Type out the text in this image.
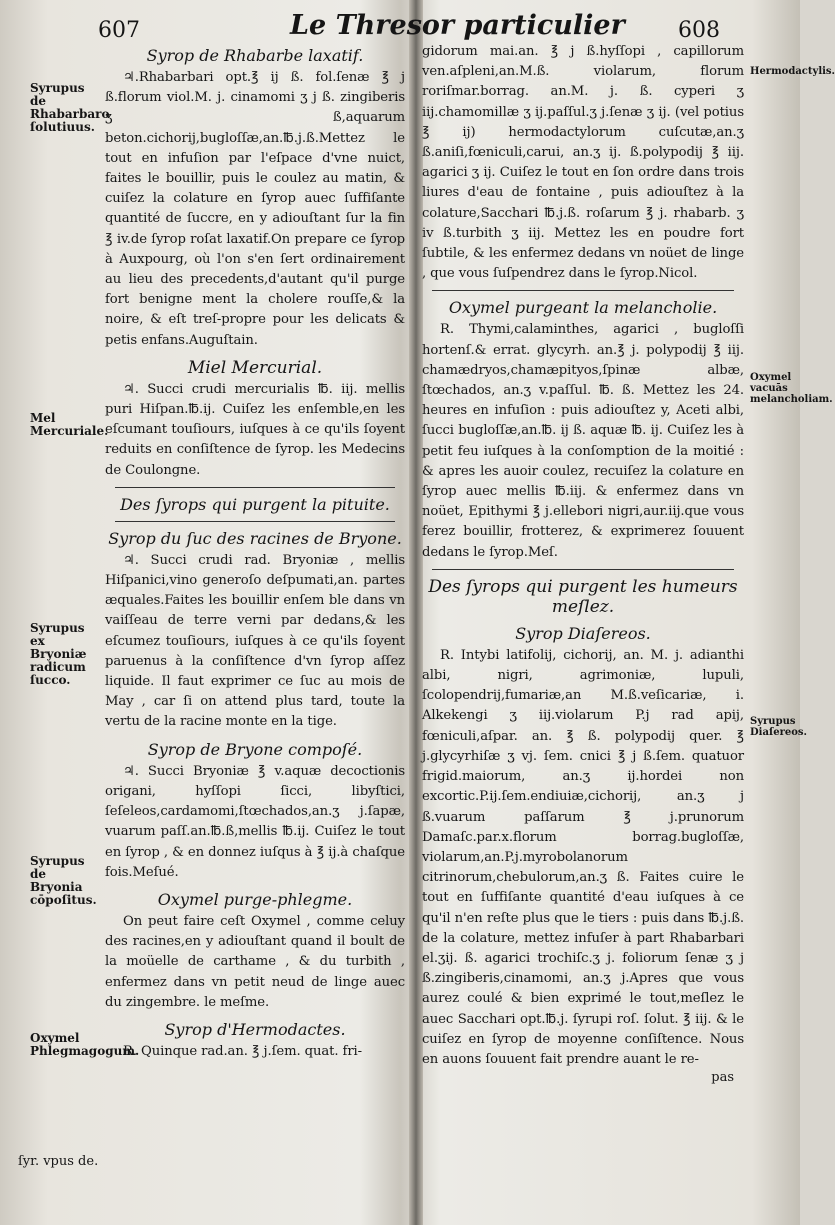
607	Le Thresor particulier 608
Syrupus de Rhabarbaro ſolutiuus.
Mel Mercuriale.
Syrupus ex Bryoniæ radicum ſucco.
Syrupus de Bryonia cōpoſitus.
Oxymel Phlegmagogum.
ſyr. vpus de.
Syrop de Rhabarbe laxatif.

♃.Rhabarbari opt.℥ ij ß. fol.ſenæ ℥ j ß.florum viol.M. j. cinamomi ʒ j ß. zingiberis ʒ ß,aquarum beton.cichorij,bugloſſæ,an.℔.j.ß.Mettez le tout en infuſion par l'eſpace d'vne nuict, faites le bouillir, puis le coulez au matin, & cuiſez la colature en ſyrop auec ſuffiſante quantité de ſuccre, en y adiouſtant ſur la fin ℥ iv.de ſyrop roſat laxatif.On prepare ce ſyrop à Auxpourg, où l'on s'en ſert ordinairement au lieu des precedents,d'autant qu'il purge fort benigne ment la cholere rouſſe,& la noire, & eſt treſ-propre pour les delicats & petis enfans.Auguſtain.

Miel Mercurial.

♃. Succi crudi mercurialis ℔. iij. mellis puri Hiſpan.℔.ij. Cuiſez les enſemble,en les eſcumant touſiours, iuſques à ce qu'ils ſoyent reduits en conſiſtence de ſyrop. les Medecins de Coulongne.

Des ſyrops qui purgent la pituite.
Syrop du ſuc des racines de Bryone.

♃. Succi crudi rad. Bryoniæ , mellis Hiſpanici,vino generoſo deſpumati,an. partes æquales.Faites les bouillir enſem ble dans vn vaiſſeau de terre verni par dedans,& les eſcumez touſiours, iuſques à ce qu'ils ſoyent paruenus à la conſiſtence d'vn ſyrop aſſez liquide. Il faut exprimer ce ſuc au mois de May , car ſi on attend plus tard, toute la vertu de la racine monte en la tige.

Syrop de Bryone compoſé.

♃. Succi Bryoniæ ℥ v.aquæ decoctionis origani, hyſſopi ſicci, libyſtici, ſeſeleos,cardamomi,ſtœchados,an.ʒ j.ſapæ, vuarum paſſ.an.℔.ß,mellis ℔.ij. Cuiſez le tout en ſyrop , & en donnez iuſqus à ℥ ij.à chaſque fois.Meſué.

Oxymel purge-phlegme.

On peut faire ceſt Oxymel , comme celuy des racines,en y adiouſtant quand il boult de la moüelle de carthame , & du turbith , enfermez dans vn petit neud de linge auec du zingembre. le meſme.

Syrop d'Hermodactes.

R. Quinque rad.an. ℥ j.ſem. quat. fri-

Hermodactylis.
Oxymel vacuās melancholiam.
Syrupus Diaſereos.

gidorum mai.an. ℥ j ß.hyſſopi , capillorum ven.aſpleni,an.M.ß. violarum, florum roriſmar.borrag. an.M. j. ß. cyperi ʒ iij.chamomillæ ʒ ij.paſſul.ʒ j.ſenæ ʒ ij. (vel potius ℥ ij) hermodactylorum cuſcutæ,an.ʒ ß.aniſi,fœniculi,carui, an.ʒ ij. ß.polypodij ℥ iij. agarici ʒ ij. Cuiſez le tout en ſon ordre dans trois liures d'eau de fontaine , puis adiouſtez à la colature,Sacchari ℔.j.ß. roſarum ℥ j. rhabarb. ʒ iv ß.turbith ʒ iij. Mettez les en poudre fort ſubtile, & les enfermez dedans vn noüet de linge , que vous ſuſpendrez dans le ſyrop.Nicol.

Oxymel purgeant la melancholie.

R. Thymi,calaminthes, agarici , bugloſſi hortenſ.& errat. glycyrh. an.℥ j. polypodij ℥ iij. chamædryos,chamæpityos,ſpinæ albæ, ſtœchados, an.ʒ v.paſſul. ℔. ß. Mettez les 24. heures en infuſion : puis adiouſtez y, Aceti albi, ſucci bugloſſæ,an.℔. ij ß. aquæ ℔. ij. Cuiſez les à petit feu iuſques à la conſomption de la moitié : & apres les auoir coulez, recuiſez la colature en ſyrop auec mellis ℔.iij. & enfermez dans vn noüet, Epithymi ℥ j.ellebori nigri,aur.iij.que vous ferez bouillir, frotterez, & exprimerez ſouuent dedans le ſyrop.Meſ.

Des ſyrops qui purgent les humeurs meſlez.
Syrop Diaſereos.

R. Intybi latifolij, cichorij, an. M. j. adianthi albi, nigri, agrimoniæ, lupuli, ſcolopendrij,fumariæ,an M.ß.veſicariæ, i. Alkekengi ʒ iij.violarum P.j rad apij, fœniculi,aſpar. an. ℥ ß. polypodij quer. ℥ j.glycyrhiſæ ʒ vj. ſem. cnici ℥ j ß.ſem. quatuor frigid.maiorum, an.ʒ ij.hordei non excortic.P.ij.ſem.endiuiæ,cichorij, an.ʒ j ß.vuarum paſſarum ℥ j.prunorum Damaſc.par.x.florum borrag.bugloſſæ, violarum,an.P.j.myrobolanorum citrinorum,chebulorum,an.ʒ ß. Faites cuire le tout en ſuffiſante quantité d'eau iuſques à ce qu'il n'en reſte plus que le tiers : puis dans ℔.j.ß. de la colature, mettez infuſer à part Rhabarbari el.ʒij. ß. agarici trochiſc.ʒ j. foliorum ſenæ ʒ j ß.zingiberis,cinamomi, an.ʒ j.Apres que vous aurez coulé & bien exprimé le tout,meſlez le auec Sacchari opt.℔.j. ſyrupi roſ. ſolut. ℥ iij. & le cuiſez en ſyrop de moyenne conſiſtence. Nous en auons ſouuent fait prendre auant le re-

pas
